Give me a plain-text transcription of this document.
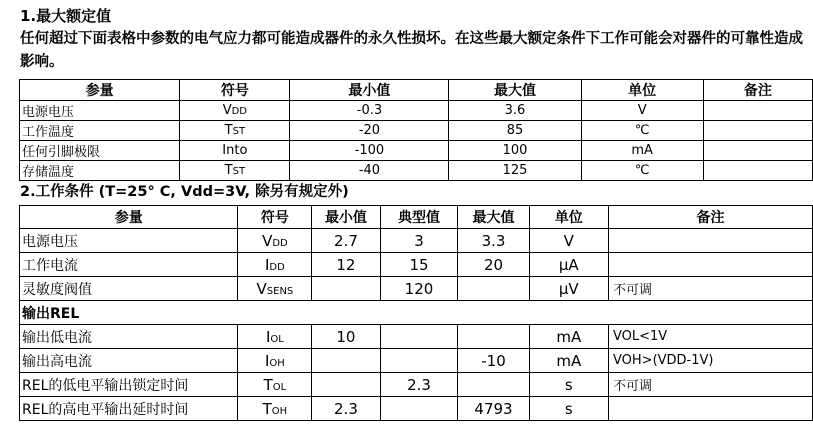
1.最大额定值
任何超过下面表格中参数的电气应力都可能造成器件的永久性损坏。在这些最大额定条件下工作可能会对器件的可靠性造成影响。
参量	符号	最小值	最大值	单位	备注
电源电压	VDD	-0.3	3.6	V	
工作温度	TST	-20	85	℃	
任何引脚极限	Into	-100	100	mA	
存储温度	TST	-40	125	℃	
2.工作条件 (T=25° C, Vdd=3V, 除另有规定外)
参量	符号	最小值	典型值	最大值	单位	备注
电源电压	VDD	2.7	3	3.3	V	
工作电流	IDD	12	15	20	μA	
灵敏度阀值	VSENS		120		μV	不可调
输出REL						
输出低电流	IOL	10			mA	VOL<1V
输出高电流	IOH			-10	mA	VOH>(VDD-1V)
REL的低电平输出锁定时间	TOL		2.3		s	不可调
REL的高电平输出延时时间	TOH	2.3		4793	s	
